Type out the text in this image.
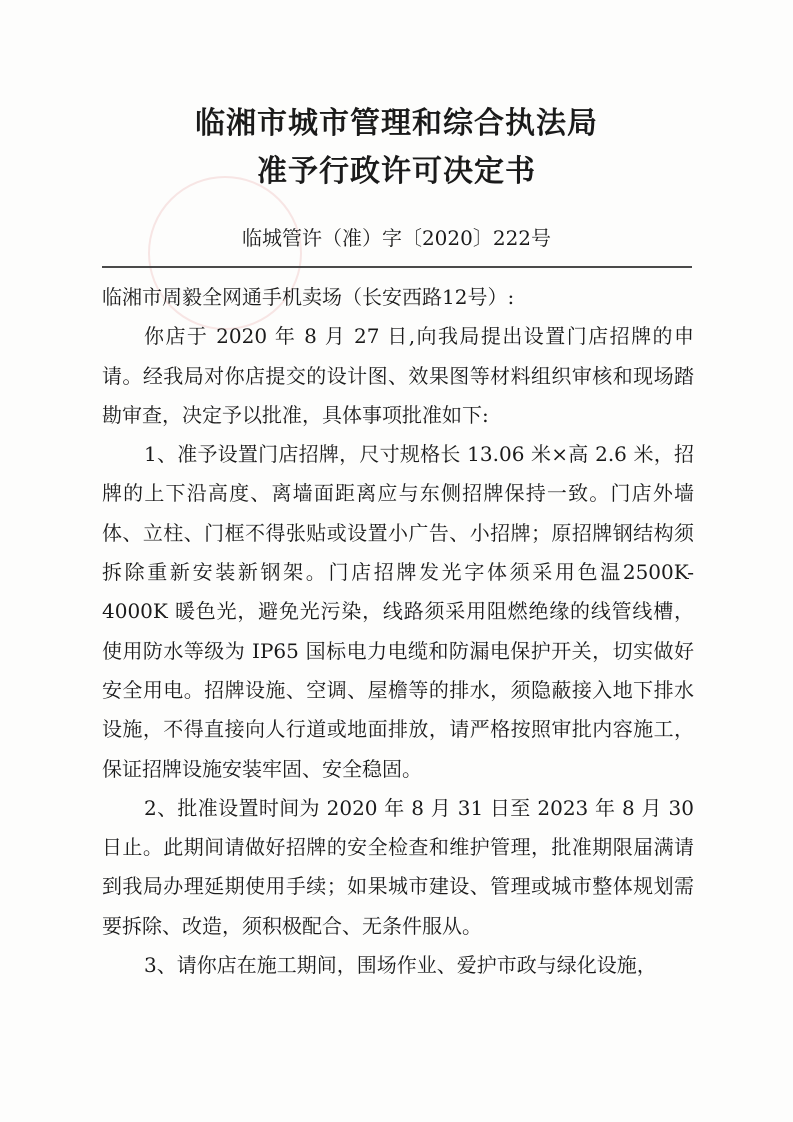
临湘市城市管理和综合执法局
准予行政许可决定书
临城管许（准）字〔2020〕222号

临湘市周毅全网通手机卖场（长安西路12号）:

你店于 2020 年 8 月 27 日,向我局提出设置门店招牌的申请。经我局对你店提交的设计图、效果图等材料组织审核和现场踏勘审查，决定予以批准，具体事项批准如下:

1、准予设置门店招牌，尺寸规格长 13.06 米×高 2.6 米，招牌的上下沿高度、离墙面距离应与东侧招牌保持一致。门店外墙体、立柱、门框不得张贴或设置小广告、小招牌；原招牌钢结构须拆除重新安装新钢架。门店招牌发光字体须采用色温2500K-4000K 暖色光，避免光污染，线路须采用阻燃绝缘的线管线槽，使用防水等级为 IP65 国标电力电缆和防漏电保护开关，切实做好安全用电。招牌设施、空调、屋檐等的排水，须隐蔽接入地下排水设施，不得直接向人行道或地面排放，请严格按照审批内容施工，保证招牌设施安装牢固、安全稳固。

2、批准设置时间为 2020 年 8 月 31 日至 2023 年 8 月 30 日止。此期间请做好招牌的安全检查和维护管理，批准期限届满请到我局办理延期使用手续；如果城市建设、管理或城市整体规划需要拆除、改造，须积极配合、无条件服从。

3、请你店在施工期间，围场作业、爱护市政与绿化设施，
